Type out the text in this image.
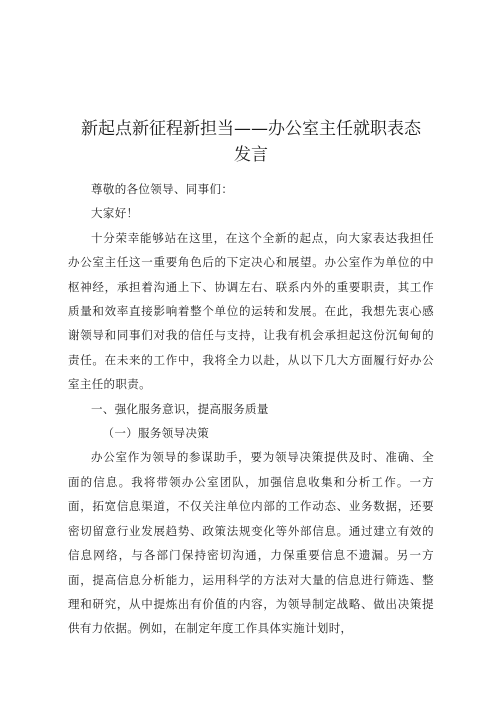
新起点新征程新担当——办公室主任就职表态
发言

尊敬的各位领导、同事们：

大家好！

十分荣幸能够站在这里，在这个全新的起点，向大家表达我担任办公室主任这一重要角色后的下定决心和展望。办公室作为单位的中枢神经，承担着沟通上下、协调左右、联系内外的重要职责，其工作质量和效率直接影响着整个单位的运转和发展。在此，我想先衷心感谢领导和同事们对我的信任与支持，让我有机会承担起这份沉甸甸的责任。在未来的工作中，我将全力以赴，从以下几大方面履行好办公室主任的职责。

一、强化服务意识，提高服务质量

（一）服务领导决策

办公室作为领导的参谋助手，要为领导决策提供及时、准确、全面的信息。我将带领办公室团队，加强信息收集和分析工作。一方面，拓宽信息渠道，不仅关注单位内部的工作动态、业务数据，还要密切留意行业发展趋势、政策法规变化等外部信息。通过建立有效的信息网络，与各部门保持密切沟通，力保重要信息不遗漏。另一方面，提高信息分析能力，运用科学的方法对大量的信息进行筛选、整理和研究，从中提炼出有价值的内容，为领导制定战略、做出决策提供有力依据。例如，在制定年度工作具体实施计划时，
